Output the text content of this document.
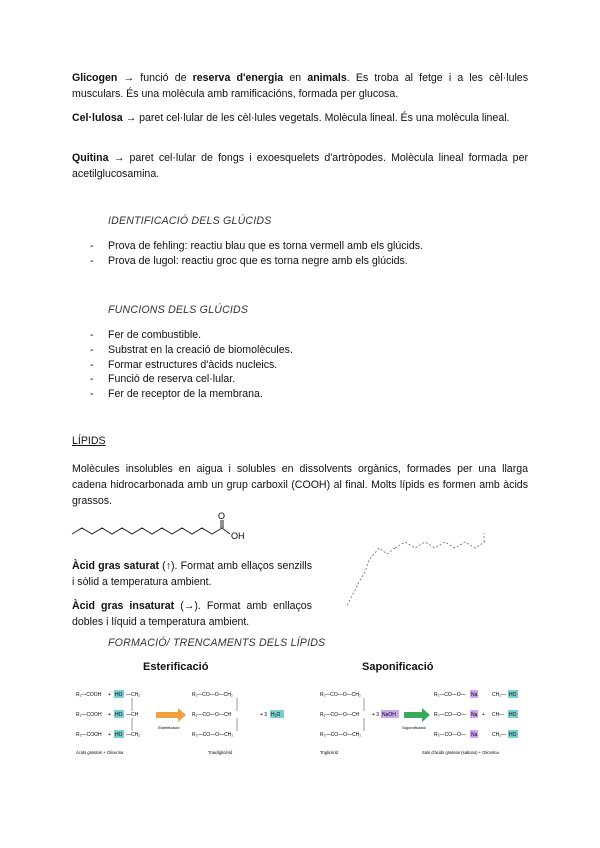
Glicogen → funció de reserva d'energia en animals. Es troba al fetge i a les cèl·lules musculars. És una molècula amb ramificacións, formada per glucosa.
Cel·lulosa → paret cel·lular de les cèl·lules vegetals. Molècula lineal. És una molècula lineal.
Quitina → paret cel·lular de fongs i exoesquelets d'artròpodes. Molècula lineal formada per acetilglucosamina.
IDENTIFICACIÓ DELS GLÚCIDS
- Prova de fehling: reactiu blau que es torna vermell amb els glúcids.
- Prova de lugol: reactiu groc que es torna negre amb els glúcids.
FUNCIONS DELS GLÚCIDS
- Fer de combustible.
- Substrat en la creació de biomolècules.
- Formar estructures d'àcids nucleics.
- Funció de reserva cel·lular.
- Fer de receptor de la membrana.
LÍPIDS
Molècules insolubles en aigua i solubles en dissolvents orgànics, formades per una llarga cadena hidrocarbonada amb un grup carboxil (COOH) al final. Molts lípids es formen amb àcids grassos.
O
OH
Àcid gras saturat (↑). Format amb ellaços senzills i sòlid a temperatura ambient.
Àcid gras insaturat (→). Format amb enllaços dobles i líquid a temperatura ambient.
FORMACIÓ/ TRENCAMENTS DELS LÍPIDS
Esterificació	Saponificació
R₁—COOH
R₂—COOH
R₃—COOH
+
+
+
HO
HO
HO
—CH₂
—CH
—CH₂
Esterificació
R₁—CO—O—CH₂
R₂—CO—O—CH
R₃—CO—O—CH₂
+ 3 H₂O
Àcids grassos + Glicerina	Triacilglicèrid
R₁—CO—O—CH₂
R₂—CO—O—CH
R₃—CO—O—CH₂
+ 3 NaOH
Saponificació
R₁—CO—O—
R₂—CO—O—
R₃—CO—O—
Na
Na
Na
+
CH₂—
CH—
CH₂—
HO
HO
HO
Triglicèrid	Sals d'àcids grassos (sabons) + Glicerina
